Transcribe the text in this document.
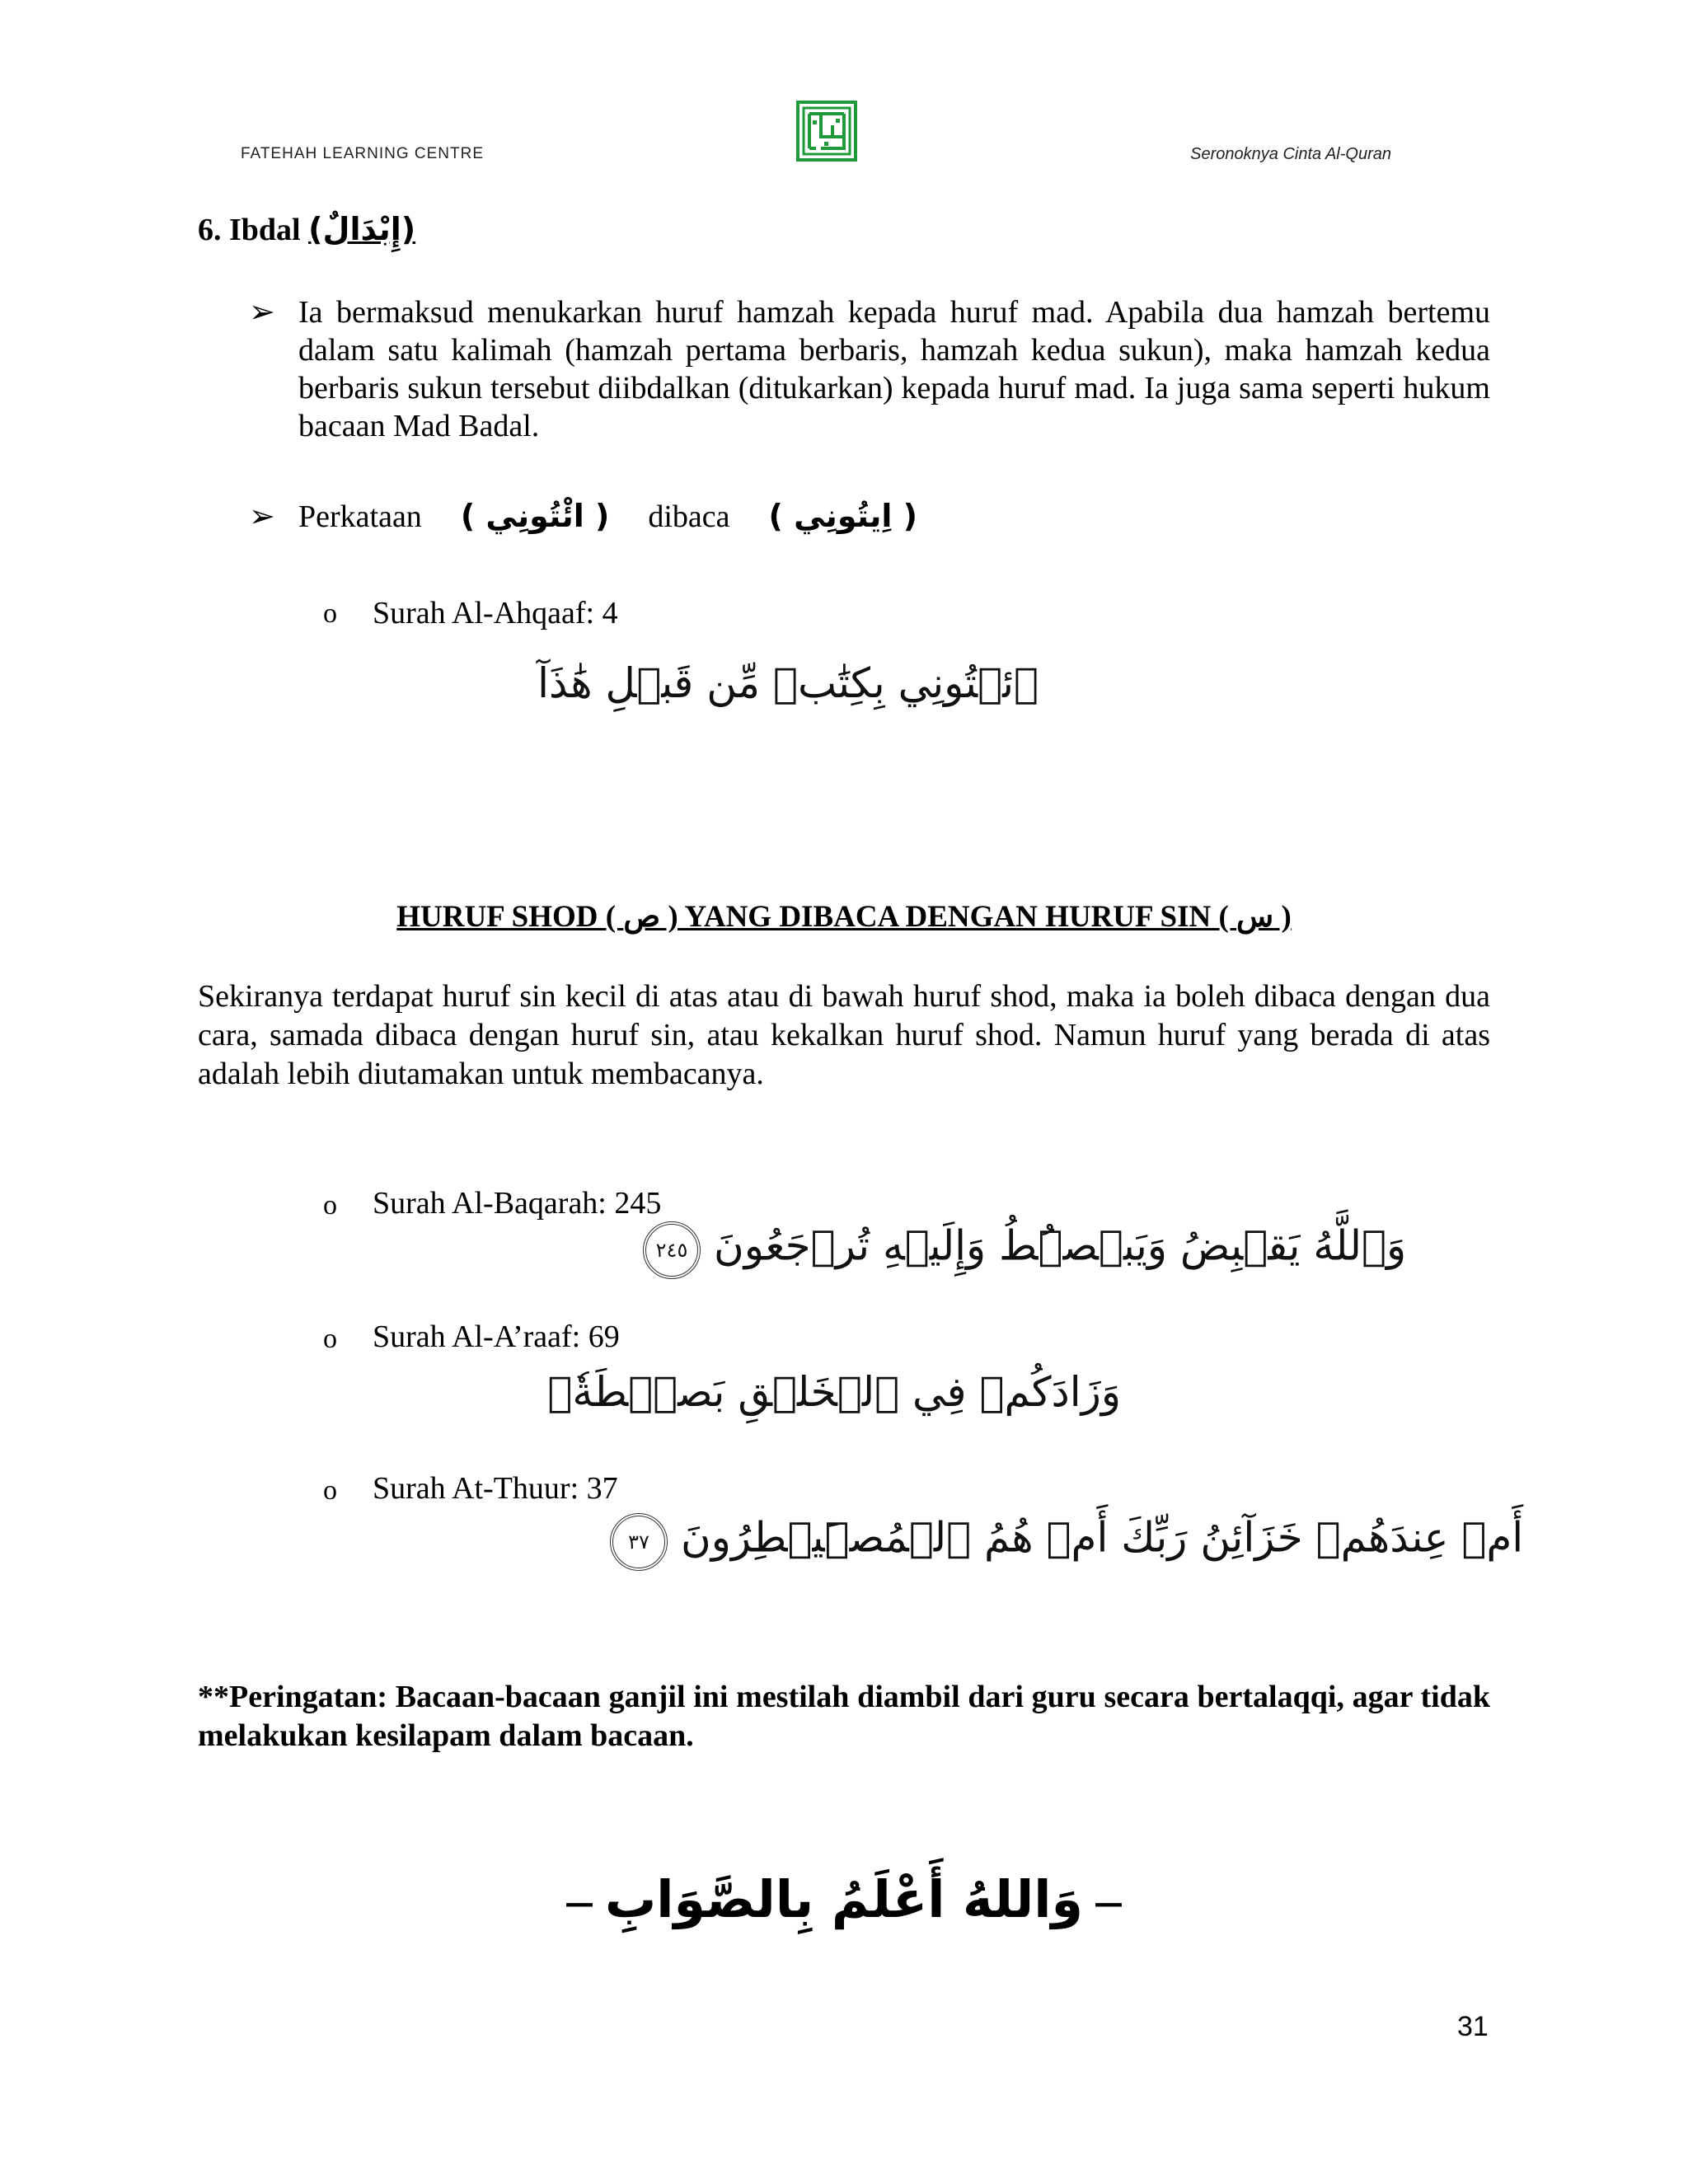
FATEHAH LEARNING CENTRE	Seronoknya Cinta Al-Quran
6. Ibdal (إِبْدَالٌ)
➢ Ia bermaksud menukarkan huruf hamzah kepada huruf mad. Apabila dua hamzah bertemu dalam satu kalimah (hamzah pertama berbaris, hamzah kedua sukun), maka hamzah kedua berbaris sukun tersebut diibdalkan (ditukarkan) kepada huruf mad. Ia juga sama seperti hukum bacaan Mad Badal.
➢ Perkataan ( ائْتُونِي ) dibaca ( اِيتُونِي )
o Surah Al-Ahqaaf: 4
ٱئۡتُونِي بِكِتَٰبٖ مِّن قَبۡلِ هَٰذَآ
HURUF SHOD ( ص ) YANG DIBACA DENGAN HURUF SIN ( س )
Sekiranya terdapat huruf sin kecil di atas atau di bawah huruf shod, maka ia boleh dibaca dengan dua cara, samada dibaca dengan huruf sin, atau kekalkan huruf shod. Namun huruf yang berada di atas adalah lebih diutamakan untuk membacanya.
o Surah Al-Baqarah: 245
٢٤٥ وَٱللَّهُ يَقۡبِضُ وَيَبۡصُۜطُ وَإِلَيۡهِ تُرۡجَعُونَ
o Surah Al-A’raaf: 69
وَزَادَكُمۡ فِي ٱلۡخَلۡقِ بَصۜۡطَةٗۖ
o Surah At-Thuur: 37
٣٧ أَمۡ عِندَهُمۡ خَزَآئِنُ رَبِّكَ أَمۡ هُمُ ٱلۡمُصَۣيۡطِرُونَ
**Peringatan: Bacaan-bacaan ganjil ini mestilah diambil dari guru secara bertalaqqi, agar tidak melakukan kesilapam dalam bacaan.
– وَاللهُ أَعْلَمُ بِالصَّوَابِ –
31
